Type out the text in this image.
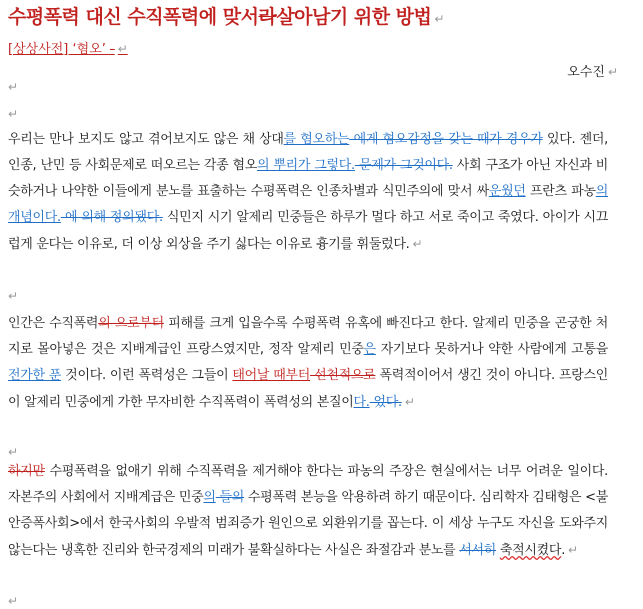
수평폭력 대신 수직폭력에 맞서라살아남기 위한 방법 ↵
[상상사전] ‘혐오’ - ↵
오수진 ↵
↵
↵

우리는 만나 보지도 않고 겪어보지도 않은 채 상대를 혐오하는 에게 혐오감정을 갖는 때가 경우가 있다. 젠더, 인종, 난민 등 사회문제로 떠오르는 각종 혐오의 뿌리가 그렇다. 문제가 그것이다. 사회 구조가 아닌 자신과 비슷하거나 나약한 이들에게 분노를 표출하는 수평폭력은 인종차별과 식민주의에 맞서 싸운웠던 프란츠 파농의 개념이다. 에 의해 정의됐다. 식민지 시기 알제리 민중들은 하루가 멀다 하고 서로 죽이고 죽였다. 아이가 시끄럽게 운다는 이유로, 더 이상 외상을 주기 싫다는 이유로 흉기를 휘둘렀다. ↵

↵

인간은 수직폭력의 으로부터 피해를 크게 입을수록 수평폭력 유혹에 빠진다고 한다. 알제리 민중을 곤궁한 처지로 몰아넣은 것은 지배계급인 프랑스였지만, 정작 알제리 민중은 자기보다 못하거나 약한 사람에게 고통을 전가한 푼 것이다. 이런 폭력성은 그들이 태어날 때부터 선천적으로 폭력적이어서 생긴 것이 아니다. 프랑스인이 알제리 민중에게 가한 무자비한 수직폭력이 폭력성의 본질이다. 었다. ↵

↵

하지만 수평폭력을 없애기 위해 수직폭력을 제거해야 한다는 파농의 주장은 현실에서는 너무 어려운 일이다. 자본주의 사회에서 지배계급은 민중의 들의 수평폭력 본능을 악용하려 하기 때문이다. 심리학자 김태형은 <불안증폭사회>에서 한국사회의 우발적 범죄증가 원인으로 외환위기를 꼽는다. 이 세상 누구도 자신을 도와주지 않는다는 냉혹한 진리와 한국경제의 미래가 불확실하다는 사실은 좌절감과 분노를 서서히 축적시켰다. ↵

↵
